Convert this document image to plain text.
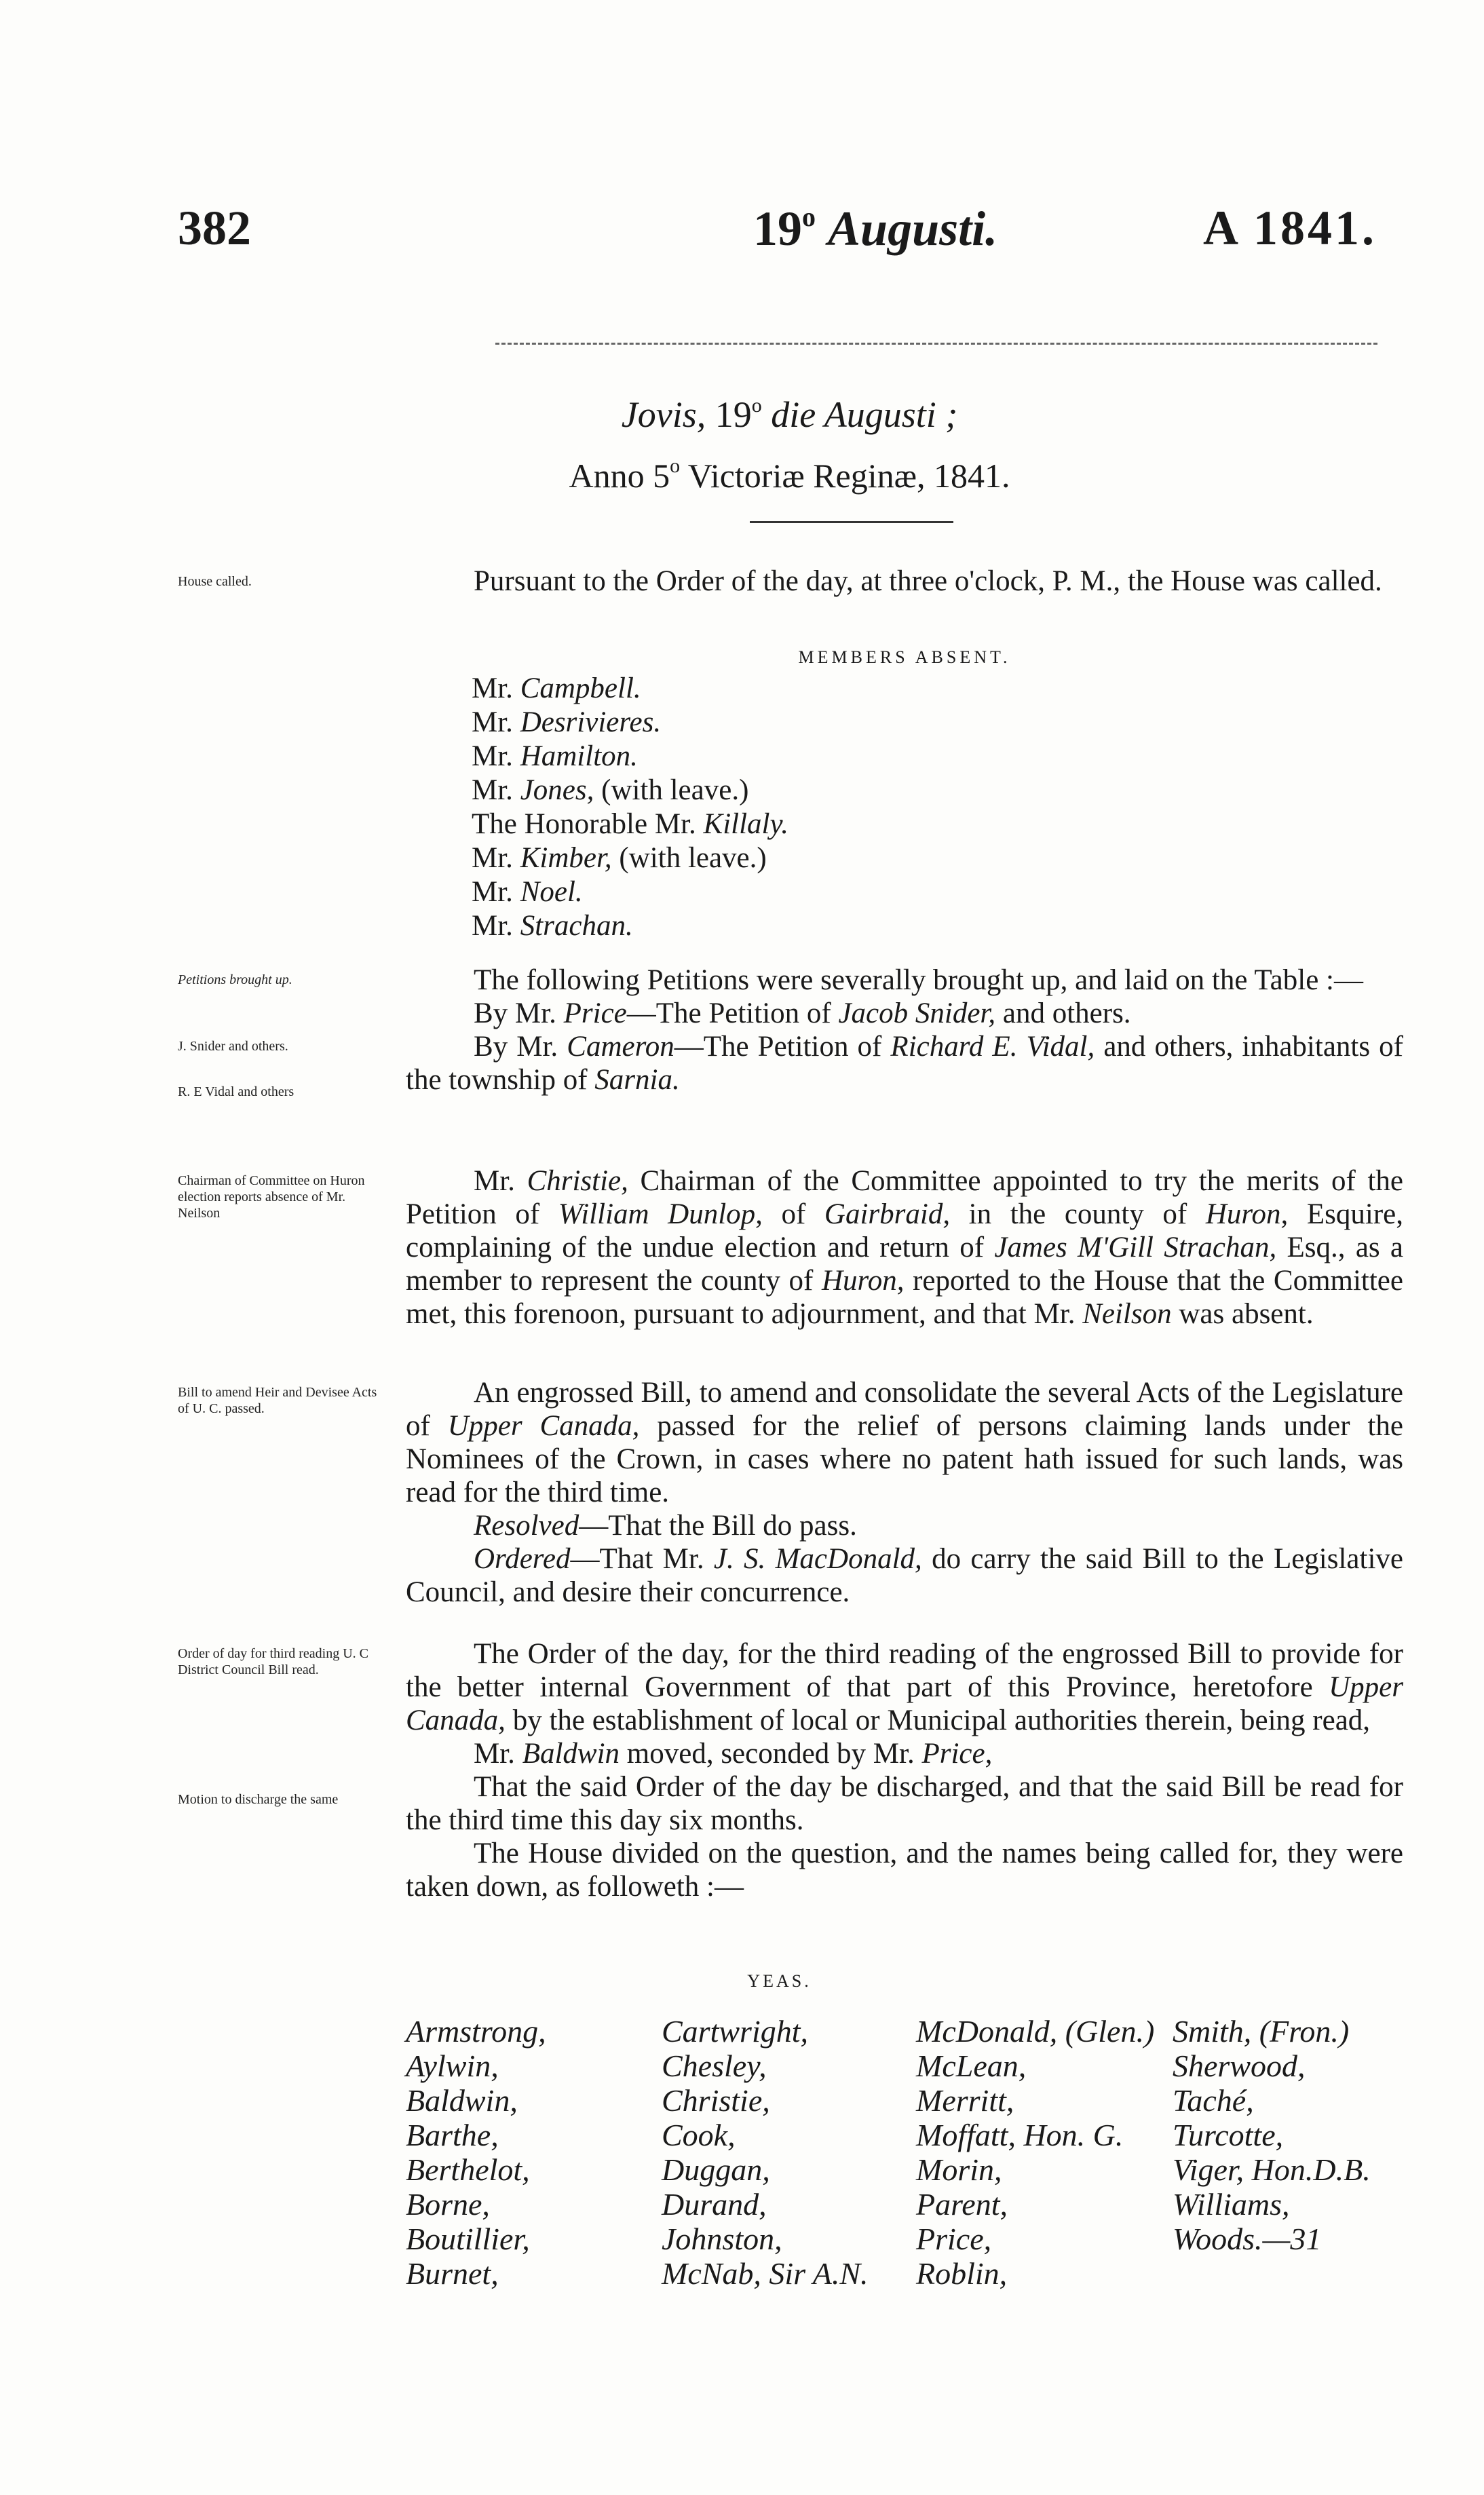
382	19$^o$ Augusti.	A 1841.
Jovis, 19$^o$ die Augusti ;
Anno 5$^o$ Victoriæ Reginæ, 1841.
House called.
Petitions brought up.
J. Snider and others.
R. E Vidal and others
Chairman of Committee on Huron election reports absence of Mr. Neilson
Bill to amend Heir and Devisee Acts of U. C. passed.
Order of day for third reading U. C District Council Bill read.
Motion to discharge the same

Pursuant to the Order of the day, at three o'clock, P. M., the House was called.

MEMBERS ABSENT.
Mr. Campbell.
Mr. Desrivieres.
Mr. Hamilton.
Mr. Jones, (with leave.)
The Honorable Mr. Killaly.
Mr. Kimber, (with leave.)
Mr. Noel.
Mr. Strachan.

The following Petitions were severally brought up, and laid on the Table :—

By Mr. Price—The Petition of Jacob Snider, and others.

By Mr. Cameron—The Petition of Richard E. Vidal, and others, inhabitants of the township of Sarnia.

Mr. Christie, Chairman of the Committee appointed to try the merits of the Petition of William Dunlop, of Gairbraid, in the county of Huron, Esquire, complaining of the undue election and return of James M'Gill Strachan, Esq., as a member to represent the county of Huron, reported to the House that the Committee met, this forenoon, pursuant to adjournment, and that Mr. Neilson was absent.

An engrossed Bill, to amend and consolidate the several Acts of the Legislature of Upper Canada, passed for the relief of persons claiming lands under the Nominees of the Crown, in cases where no patent hath issued for such lands, was read for the third time.

Resolved—That the Bill do pass.

Ordered—That Mr. J. S. MacDonald, do carry the said Bill to the Legislative Council, and desire their concurrence.

The Order of the day, for the third reading of the engrossed Bill to provide for the better internal Government of that part of this Province, heretofore Upper Canada, by the establishment of local or Municipal authorities therein, being read,

Mr. Baldwin moved, seconded by Mr. Price,

That the said Order of the day be discharged, and that the said Bill be read for the third time this day six months.

The House divided on the question, and the names being called for, they were taken down, as followeth :—

YEAS.
Armstrong,
Aylwin,
Baldwin,
Barthe,
Berthelot,
Borne,
Boutillier,
Burnet,
Cartwright,
Chesley,
Christie,
Cook,
Duggan,
Durand,
Johnston,
McNab, Sir A.N.
McDonald, (Glen.)
McLean,
Merritt,
Moffatt, Hon. G.
Morin,
Parent,
Price,
Roblin,
Smith, (Fron.)
Sherwood,
Taché,
Turcotte,
Viger, Hon.D.B.
Williams,
Woods.—31
